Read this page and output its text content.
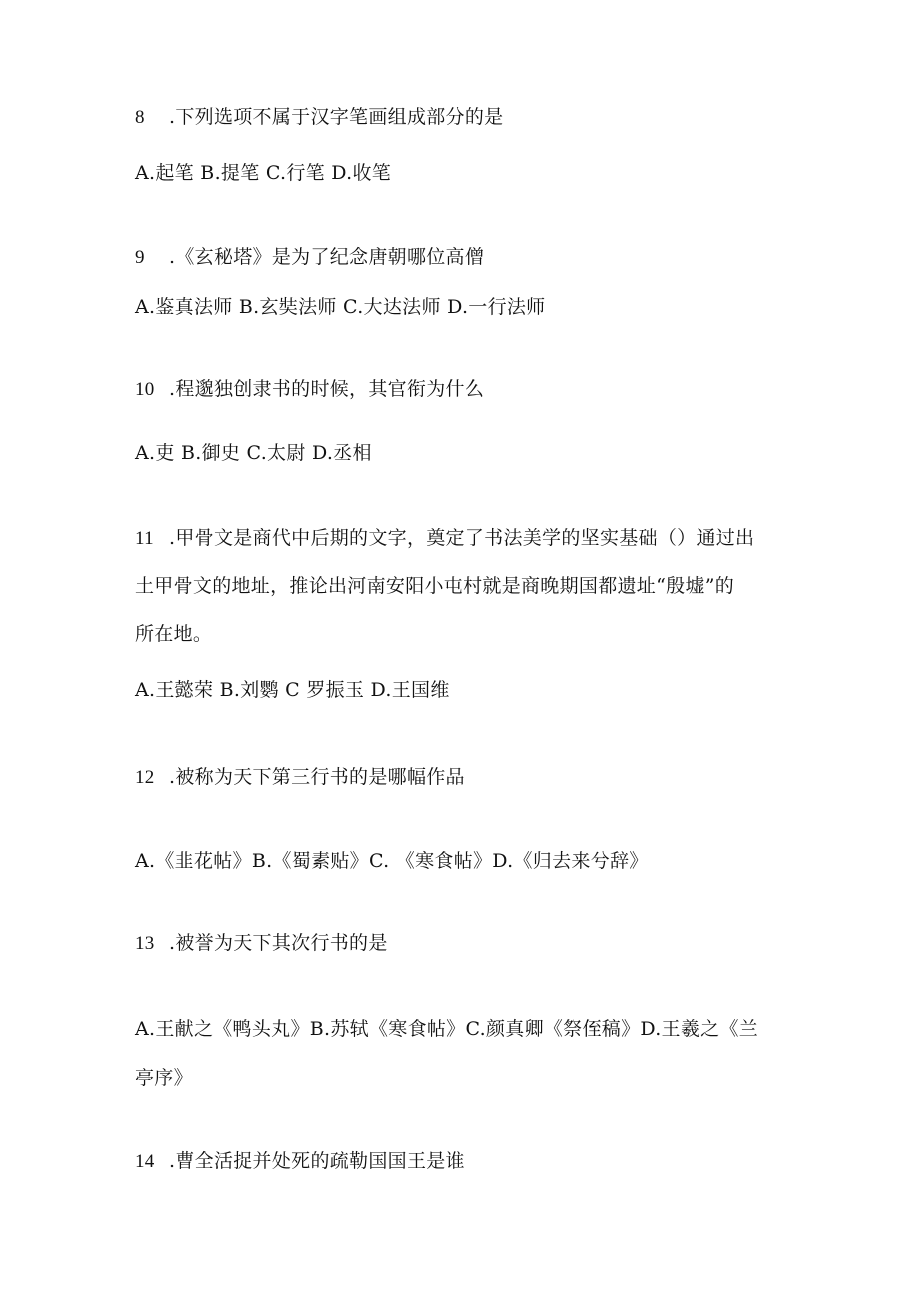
8 .下列选项不属于汉字笔画组成部分的是
A.起笔 B.提笔 C.行笔 D.收笔
9 .《玄秘塔》是为了纪念唐朝哪位高僧
A.鉴真法师 B.玄奘法师 C.大达法师 D.一行法师
10 .程邈独创隶书的时候，其官衔为什么
A.吏 B.御史 C.太尉 D.丞相
11 .甲骨文是商代中后期的文字，奠定了书法美学的坚实基础（）通过出
土甲骨文的地址，推论出河南安阳小屯村就是商晚期国都遗址“殷墟”的
所在地。
A.王懿荣 B.刘鹦 C 罗振玉 D.王国维
12 .被称为天下第三行书的是哪幅作品
A.《韭花帖》B.《蜀素贴》C. 《寒食帖》D.《归去来兮辞》
13 .被誉为天下其次行书的是
A.王献之《鸭头丸》B.苏轼《寒食帖》C.颜真卿《祭侄稿》D.王羲之《兰
亭序》
14 .曹全活捉并处死的疏勒国国王是谁
